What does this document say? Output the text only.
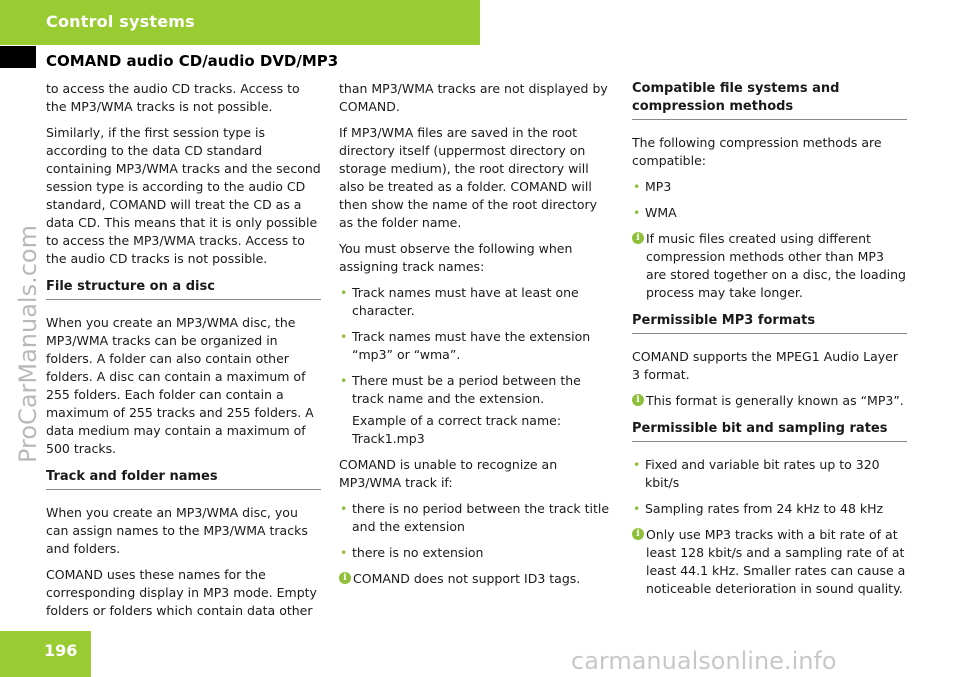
Control systems
COMAND audio CD/audio DVD/MP3

to access the audio CD tracks. Access to the MP3/WMA tracks is not possible.

Similarly, if the first session type is according to the data CD standard containing MP3/WMA tracks and the second session type is according to the audio CD standard, COMAND will treat the CD as a data CD. This means that it is only possible to access the MP3/WMA tracks. Access to the audio CD tracks is not possible.

File structure on a disc

When you create an MP3/WMA disc, the MP3/WMA tracks can be organized in folders. A folder can also contain other folders. A disc can contain a maximum of 255 folders. Each folder can contain a maximum of 255 tracks and 255 folders. A data medium may contain a maximum of 500 tracks.

Track and folder names

When you create an MP3/WMA disc, you can assign names to the MP3/WMA tracks and folders.

COMAND uses these names for the corresponding display in MP3 mode. Empty folders or folders which contain data other

than MP3/WMA tracks are not displayed by COMAND.

If MP3/WMA files are saved in the root directory itself (uppermost directory on storage medium), the root directory will also be treated as a folder. COMAND will then show the name of the root directory as the folder name.

You must observe the following when assigning track names:

• Track names must have at least one character.
• Track names must have the extension “mp3” or “wma”.
• There must be a period between the track name and the extension.
Example of a correct track name: Track1.mp3

COMAND is unable to recognize an MP3/WMA track if:

• there is no period between the track title and the extension
• there is no extension
i COMAND does not support ID3 tags.
Compatible file systems and compression methods

The following compression methods are compatible:

• MP3
• WMA
i If music files created using different compression methods other than MP3 are stored together on a disc, the loading process may take longer.
Permissible MP3 formats

COMAND supports the MPEG1 Audio Layer 3 format.

i This format is generally known as “MP3”.
Permissible bit and sampling rates
• Fixed and variable bit rates up to 320 kbit/s
• Sampling rates from 24 kHz to 48 kHz
i Only use MP3 tracks with a bit rate of at least 128 kbit/s and a sampling rate of at least 44.1 kHz. Smaller rates can cause a noticeable deterioration in sound quality.
196
ProCarManuals.com
carmanualsonline.info
